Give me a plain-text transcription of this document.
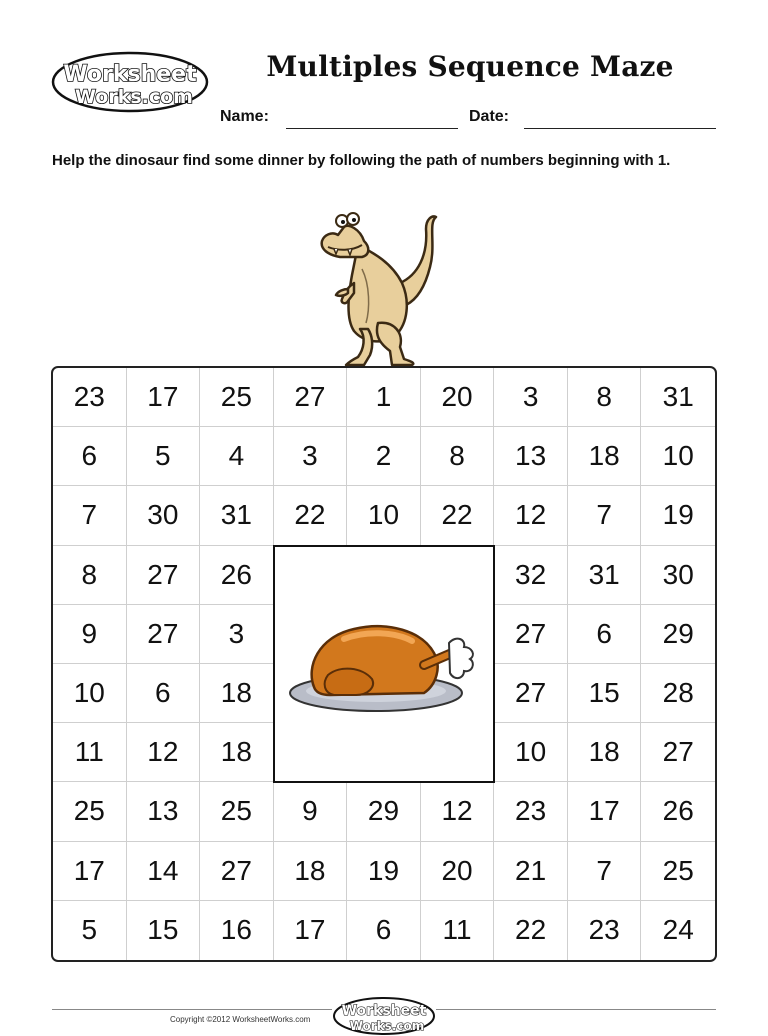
Worksheet
Works.com
Multiples Sequence Maze
Name:	Date:
Help the dinosaur find some dinner by following the path of numbers beginning with 1.
23	17	25	27	1	20	3	8	31
6	5	4	3	2	8	13	18	10
7	30	31	22	10	22	12	7	19
8	27	26	32	31	30
9	27	3	27	6	29
10	6	18	27	15	28
11	12	18	10	18	27
25	13	25	9	29	12	23	17	26
17	14	27	18	19	20	21	7	25
5	15	16	17	6	11	22	23	24
Copyright ©2012 WorksheetWorks.com
Worksheet
Works.com
